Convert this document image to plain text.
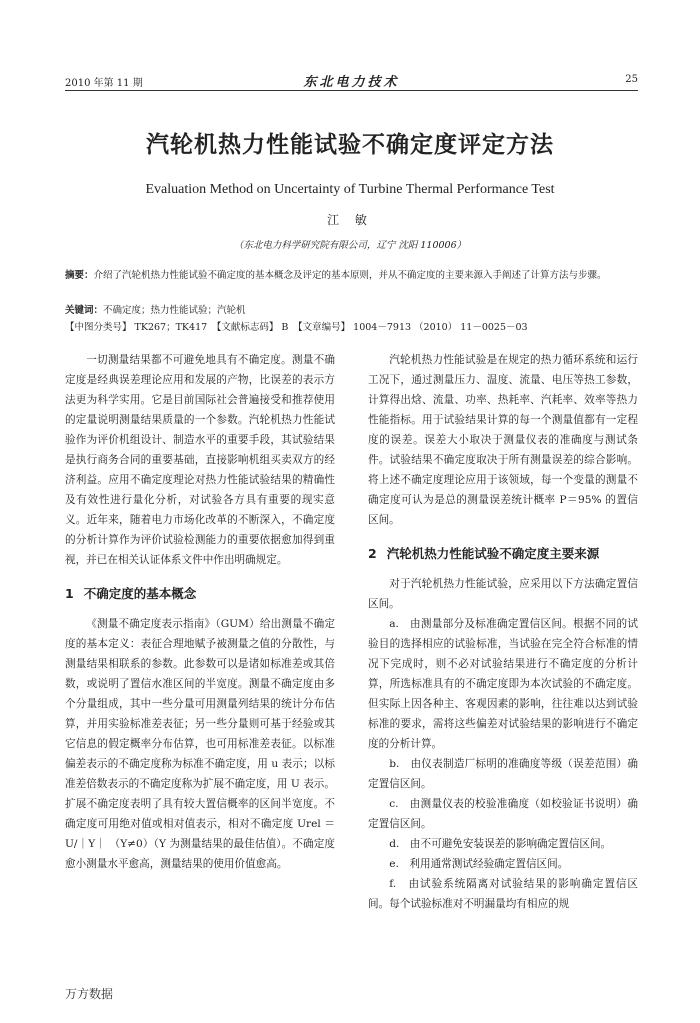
2010 年第 11 期	东北电力技术	25
汽轮机热力性能试验不确定度评定方法
Evaluation Method on Uncertainty of Turbine Thermal Performance Test
江 敏
（东北电力科学研究院有限公司，辽宁 沈阳 110006）
摘要：介绍了汽轮机热力性能试验不确定度的基本概念及评定的基本原则，并从不确定度的主要来源入手阐述了计算方法与步骤。
关键词：不确定度；热力性能试验；汽轮机
【中图分类号】 TK267；TK417　【文献标志码】 B　【文章编号】 1004－7913 （2010） 11－0025－03

一切测量结果都不可避免地具有不确定度。测量不确定度是经典误差理论应用和发展的产物，比误差的表示方法更为科学实用。它是目前国际社会普遍接受和推荐使用的定量说明测量结果质量的一个参数。汽轮机热力性能试验作为评价机组设计、制造水平的重要手段，其试验结果是执行商务合同的重要基础，直接影响机组买卖双方的经济利益。应用不确定度理论对热力性能试验结果的精确性及有效性进行量化分析，对试验各方具有重要的现实意义。近年来，随着电力市场化改革的不断深入，不确定度的分析计算作为评价试验检测能力的重要依据愈加得到重视，并已在相关认证体系文件中作出明确规定。

1 不确定度的基本概念

《测量不确定度表示指南》（GUM）给出测量不确定度的基本定义：表征合理地赋予被测量之值的分散性，与测量结果相联系的参数。此参数可以是诸如标准差或其倍数，或说明了置信水准区间的半宽度。测量不确定度由多个分量组成，其中一些分量可用测量列结果的统计分布估算，并用实验标准差表征；另一些分量则可基于经验或其它信息的假定概率分布估算，也可用标准差表征。以标准偏差表示的不确定度称为标准不确定度，用 u 表示；以标准差倍数表示的不确定度称为扩展不确定度，用 U 表示。扩展不确定度表明了具有较大置信概率的区间半宽度。不确定度可用绝对值或相对值表示，相对不确定度 Urel ＝ U/｜Y｜ （Y≠0）（Y 为测量结果的最佳估值）。不确定度愈小测量水平愈高，测量结果的使用价值愈高。

汽轮机热力性能试验是在规定的热力循环系统和运行工况下，通过测量压力、温度、流量、电压等热工参数，计算得出焓、流量、功率、热耗率、汽耗率、效率等热力性能指标。用于试验结果计算的每一个测量值都有一定程度的误差。误差大小取决于测量仪表的准确度与测试条件。试验结果不确定度取决于所有测量误差的综合影响。将上述不确定度理论应用于该领域，每一个变量的测量不确定度可认为是总的测量误差统计概率 P＝95% 的置信区间。

2 汽轮机热力性能试验不确定度主要来源

对于汽轮机热力性能试验，应采用以下方法确定置信区间。

a.　由测量部分及标准确定置信区间。根据不同的试验目的选择相应的试验标准，当试验在完全符合标准的情况下完成时，则不必对试验结果进行不确定度的分析计算，所选标准具有的不确定度即为本次试验的不确定度。但实际上因各种主、客观因素的影响，往往难以达到试验标准的要求，需将这些偏差对试验结果的影响进行不确定度的分析计算。

b.　由仪表制造厂标明的准确度等级（误差范围）确定置信区间。

c.　由测量仪表的校验准确度（如校验证书说明）确定置信区间。

d.　由不可避免安装误差的影响确定置信区间。

e.　利用通常测试经验确定置信区间。

f.　由试验系统隔离对试验结果的影响确定置信区间。每个试验标准对不明漏量均有相应的规

万方数据
